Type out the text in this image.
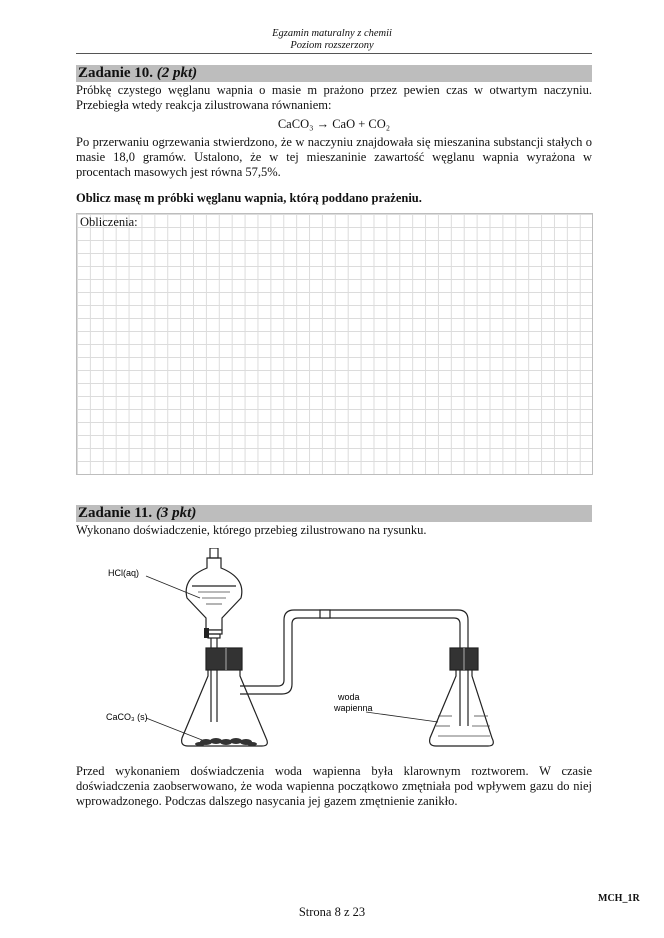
Egzamin maturalny z chemii
Poziom rozszerzony
Zadanie 10. (2 pkt)
Próbkę czystego węglanu wapnia o masie m prażono przez pewien czas w otwartym naczyniu. Przebiegła wtedy reakcja zilustrowana równaniem:
CaCO₃ → CaO + CO₂
Po przerwaniu ogrzewania stwierdzono, że w naczyniu znajdowała się mieszanina substancji stałych o masie 18,0 gramów. Ustalono, że w tej mieszaninie zawartość węglanu wapnia wyrażona w procentach masowych jest równa 57,5%.
Oblicz masę m próbki węglanu wapnia, którą poddano prażeniu.
Obliczenia:
Zadanie 11. (3 pkt)
Wykonano doświadczenie, którego przebieg zilustrowano na rysunku.
HCl(aq)
CaCO₃ (s)
woda
wapienna
Przed wykonaniem doświadczenia woda wapienna była klarownym roztworem. W czasie doświadczenia zaobserwowano, że woda wapienna początkowo zmętniała pod wpływem gazu do niej wprowadzonego. Podczas dalszego nasycania jej gazem zmętnienie zanikło.
Strona 8 z 23
MCH_1R
